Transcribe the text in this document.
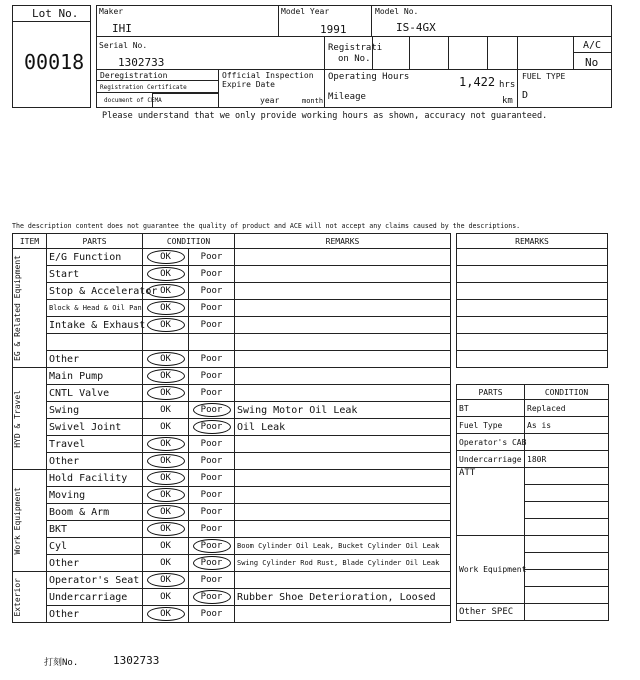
Lot No.
00018
Maker
IHI
Model Year
1991
Model No.
IS-4GX
Serial No.
1302733
Registrati
on No.
A/C
No
Deregistration
Registration Certificate
document of CEMA
Official Inspection
Expire Date
year	month
Operating Hours	1,422 hrs
Mileage	km
FUEL TYPE
D
Please understand that we only provide working hours as shown, accuracy not guaranteed.
The description content does not guarantee the quality of product and ACE will not accept any claims caused by the descriptions.
ITEM	PARTS	CONDITION		REMARKS

EG & Related Equipment	E/G Function	OK	Poor	
	Start	OK	Poor	
	Stop & Accelerator	OK	Poor	
	Block & Head & Oil Pan	OK	Poor	
	Intake & Exhaust	OK	Poor	

	Other	OK	Poor	

HYD & Travel	Main Pump	OK	Poor	
	CNTL Valve	OK	Poor	
	Swing	OK	Poor	Swing Motor Oil Leak
	Swivel Joint	OK	Poor	Oil Leak
	Travel	OK	Poor	
	Other	OK	Poor	

Work Equipment	Hold Facility	OK	Poor	
	Moving	OK	Poor	
	Boom & Arm	OK	Poor	
	BKT	OK	Poor	
	Cyl	OK	Poor	Boom Cylinder Oil Leak, Bucket Cylinder Oil Leak
	Other	OK	Poor	Swing Cylinder Rod Rust, Blade Cylinder Oil Leak

Exterior	Operator's Seat	OK	Poor	
	Undercarriage	OK	Poor	Rubber Shoe Deterioration, Loosed
	Other	OK	Poor	
REMARKS

PARTS	CONDITION
BT	Replaced
Fuel Type	As is
Operator's CAB	
Undercarriage	180R
ATT	

Work Equipment	

Other SPEC	
打刻No.	1302733
